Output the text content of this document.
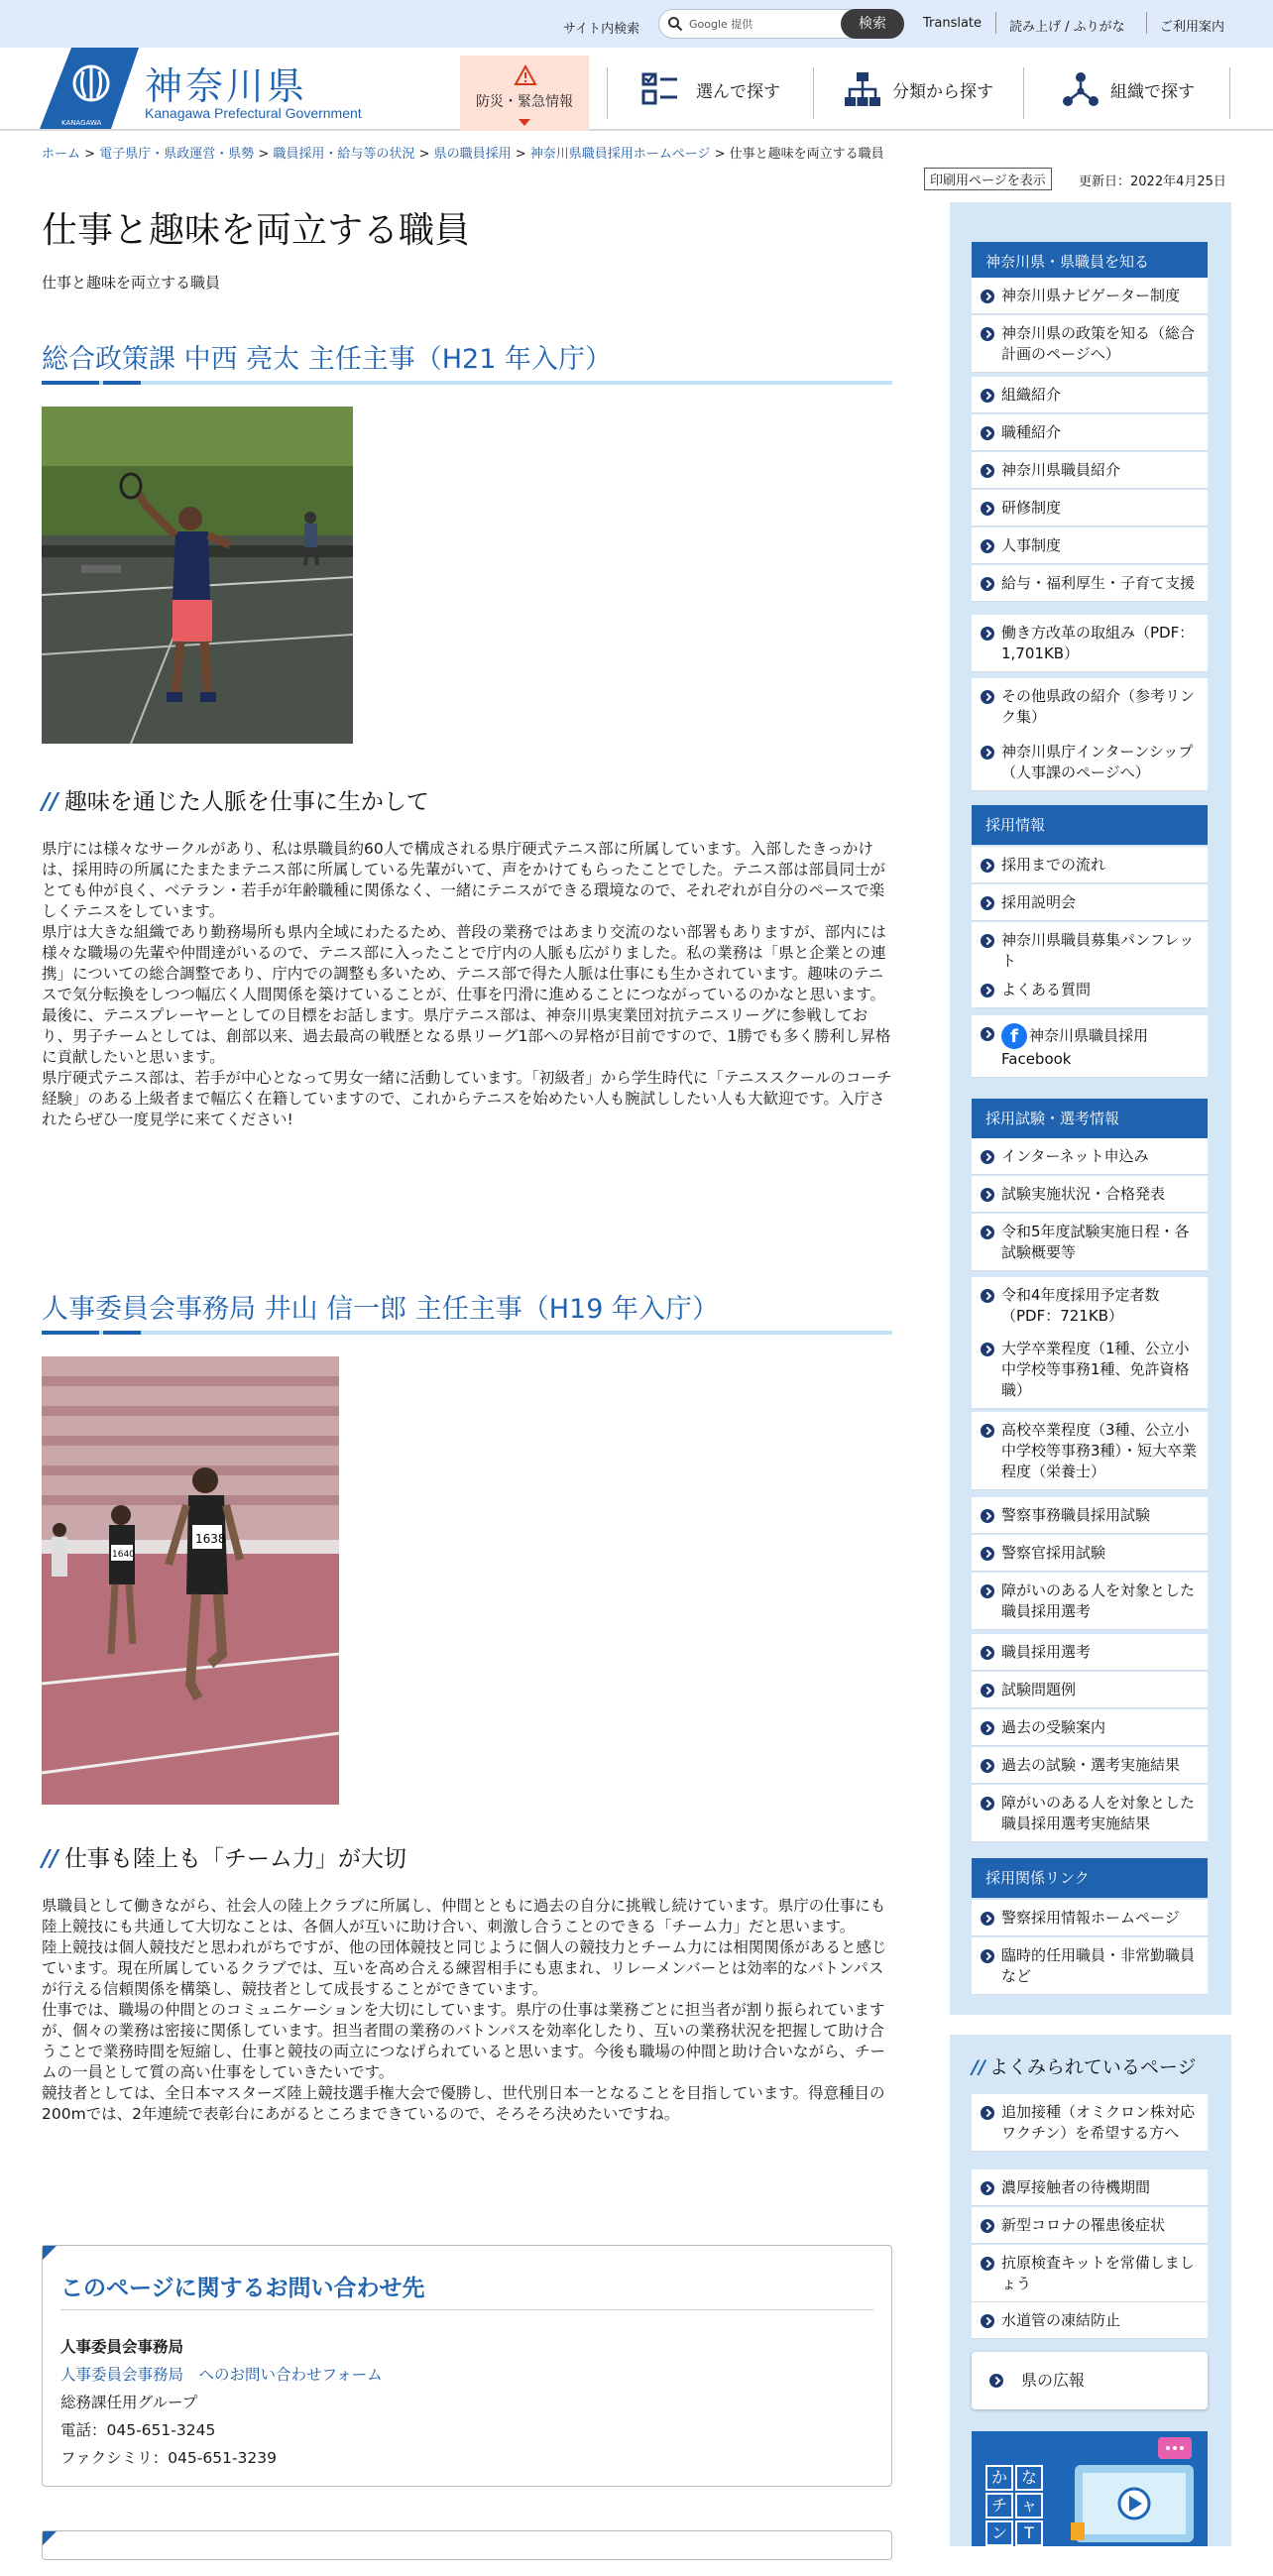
サイト内検索	Google 提供	検索	Translate 読み上げ / ふりがな	ご利用案内
KANAGAWA
神奈川県
Kanagawa Prefectural Government
防災・緊急情報	選んで探す	分類から探す	組織で探す
ホーム > 電子県庁・県政運営・県勢 > 職員採用・給与等の状況 > 県の職員採用 > 神奈川県職員採用ホームページ > 仕事と趣味を両立する職員
印刷用ページを表示	更新日：2022年4月25日
仕事と趣味を両立する職員
仕事と趣味を両立する職員
総合政策課 中西 亮太 主任主事（H21 年入庁）
// 趣味を通じた人脈を仕事に生かして

県庁には様々なサークルがあり、私は県職員約60人で構成される県庁硬式テニス部に所属しています。入部したきっかけは、採用時の所属にたまたまテニス部に所属している先輩がいて、声をかけてもらったことでした。テニス部は部員同士がとても仲が良く、ベテラン・若手が年齢職種に関係なく、一緒にテニスができる環境なので、それぞれが自分のペースで楽しくテニスをしています。

県庁は大きな組織であり勤務場所も県内全域にわたるため、普段の業務ではあまり交流のない部署もありますが、部内には様々な職場の先輩や仲間達がいるので、テニス部に入ったことで庁内の人脈も広がりました。私の業務は「県と企業との連携」についての総合調整であり、庁内での調整も多いため、テニス部で得た人脈は仕事にも生かされています。趣味のテニスで気分転換をしつつ幅広く人間関係を築けていることが、仕事を円滑に進めることにつながっているのかなと思います。

最後に、テニスプレーヤーとしての目標をお話します。県庁テニス部は、神奈川県実業団対抗テニスリーグに参戦しており、男子チームとしては、創部以来、過去最高の戦歴となる県リーグ1部への昇格が目前ですので、1勝でも多く勝利し昇格に貢献したいと思います。

県庁硬式テニス部は、若手が中心となって男女一緒に活動しています。「初級者」から学生時代に「テニススクールのコーチ経験」のある上級者まで幅広く在籍していますので、これからテニスを始めたい人も腕試ししたい人も大歓迎です。入庁されたらぜひ一度見学に来てください!

人事委員会事務局 井山 信一郎 主任主事（H19 年入庁）
1638
1640
// 仕事も陸上も「チーム力」が大切

県職員として働きながら、社会人の陸上クラブに所属し、仲間とともに過去の自分に挑戦し続けています。県庁の仕事にも陸上競技にも共通して大切なことは、各個人が互いに助け合い、刺激し合うことのできる「チーム力」だと思います。

陸上競技は個人競技だと思われがちですが、他の団体競技と同じように個人の競技力とチーム力には相関関係があると感じています。現在所属しているクラブでは、互いを高め合える練習相手にも恵まれ、リレーメンバーとは効率的なバトンパスが行える信頼関係を構築し、競技者として成長することができています。

仕事では、職場の仲間とのコミュニケーションを大切にしています。県庁の仕事は業務ごとに担当者が割り振られていますが、個々の業務は密接に関係しています。担当者間の業務のバトンパスを効率化したり、互いの業務状況を把握して助け合うことで業務時間を短縮し、仕事と競技の両立につなげられていると思います。今後も職場の仲間と助け合いながら、チームの一員として質の高い仕事をしていきたいです。

競技者としては、全日本マスターズ陸上競技選手権大会で優勝し、世代別日本一となることを目指しています。得意種目の200mでは、2年連続で表彰台にあがるところまできているので、そろそろ決めたいですね。

このページに関するお問い合わせ先
人事委員会事務局
人事委員会事務局　へのお問い合わせフォーム
総務課任用グループ
電話：045-651-3245
ファクシミリ：045-651-3239
神奈川県・県職員を知る
神奈川県ナビゲーター制度
神奈川県の政策を知る（総合計画のページへ）
組織紹介
職種紹介
神奈川県職員紹介
研修制度
人事制度
給与・福利厚生・子育て支援
働き方改革の取組み（PDF：1,701KB）
その他県政の紹介（参考リンク集）
神奈川県庁インターンシップ（人事課のページへ）
採用情報
採用までの流れ
採用説明会
神奈川県職員募集パンフレット
よくある質問
f 神奈川県職員採用Facebook
採用試験・選考情報
インターネット申込み
試験実施状況・合格発表
令和5年度試験実施日程・各試験概要等
令和4年度採用予定者数（PDF：721KB）
大学卒業程度（1種、公立小中学校等事務1種、免許資格職）
高校卒業程度（3種、公立小中学校等事務3種）・短大卒業程度（栄養士）
警察事務職員採用試験
警察官採用試験
障がいのある人を対象とした職員採用選考
職員採用選考
試験問題例
過去の受験案内
過去の試験・選考実施結果
障がいのある人を対象とした職員採用選考実施結果
採用関係リンク
警察採用情報ホームページ
臨時的任用職員・非常勤職員など
// よくみられているページ
追加接種（オミクロン株対応ワクチン）を希望する方へ
濃厚接触者の待機期間
新型コロナの罹患後症状
抗原検査キットを常備しましょう
水道管の凍結防止
県の広報
か なチ ャン TV
